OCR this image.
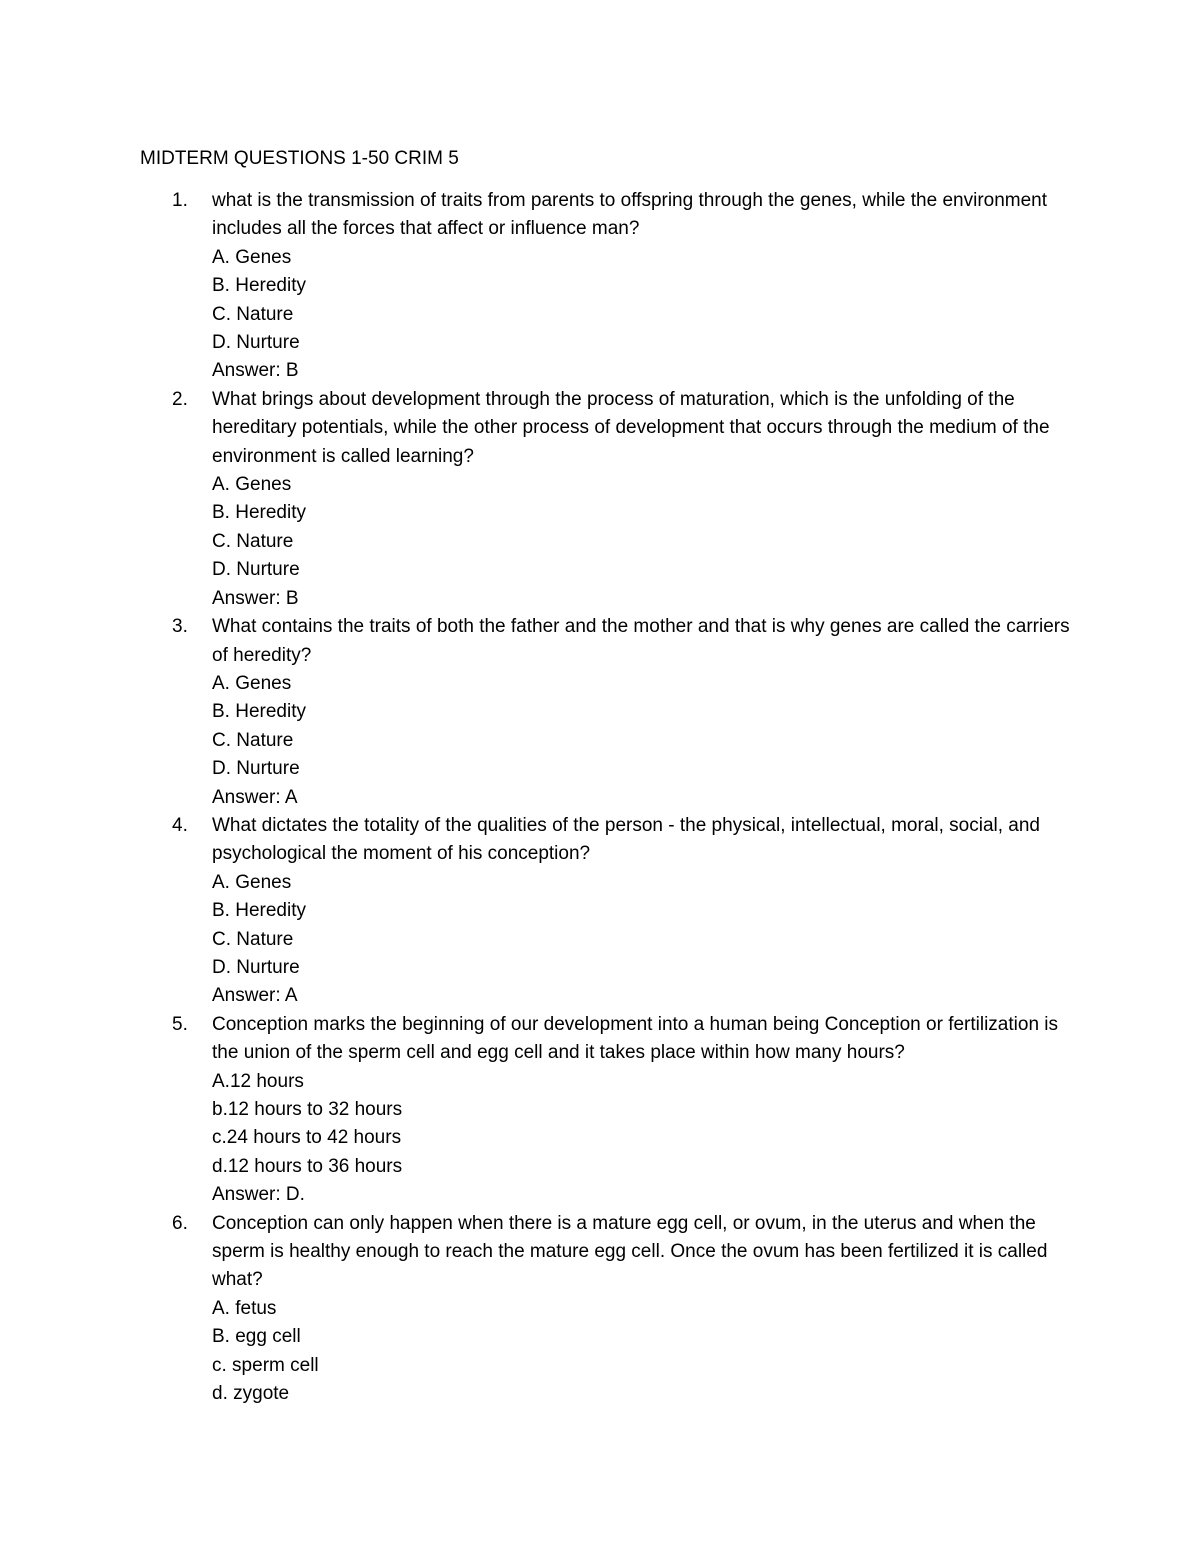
MIDTERM QUESTIONS 1-50 CRIM 5
1.	what is the transmission of traits from parents to offspring through the genes, while the environment includes all the forces that affect or influence man?
A. Genes
B. Heredity
C. Nature
D. Nurture
Answer: B
2.	What brings about development through the process of maturation, which is the unfolding of the hereditary potentials, while the other process of development that occurs through the medium of the environment is called learning?
A. Genes
B. Heredity
C. Nature
D. Nurture
Answer: B
3.	What contains the traits of both the father and the mother and that is why genes are called the carriers of heredity?
A. Genes
B. Heredity
C. Nature
D. Nurture
Answer: A
4.	What dictates the totality of the qualities of the person - the physical, intellectual, moral, social, and psychological the moment of his conception?
A. Genes
B. Heredity
C. Nature
D. Nurture
Answer: A
5.	Conception marks the beginning of our development into a human being Conception or fertilization is the union of the sperm cell and egg cell and it takes place within how many hours?
A.12 hours
b.12 hours to 32 hours
c.24 hours to 42 hours
d.12 hours to 36 hours
Answer: D.
6.	Conception can only happen when there is a mature egg cell, or ovum, in the uterus and when the sperm is healthy enough to reach the mature egg cell. Once the ovum has been fertilized it is called what?
A. fetus
B. egg cell
c. sperm cell
d. zygote
